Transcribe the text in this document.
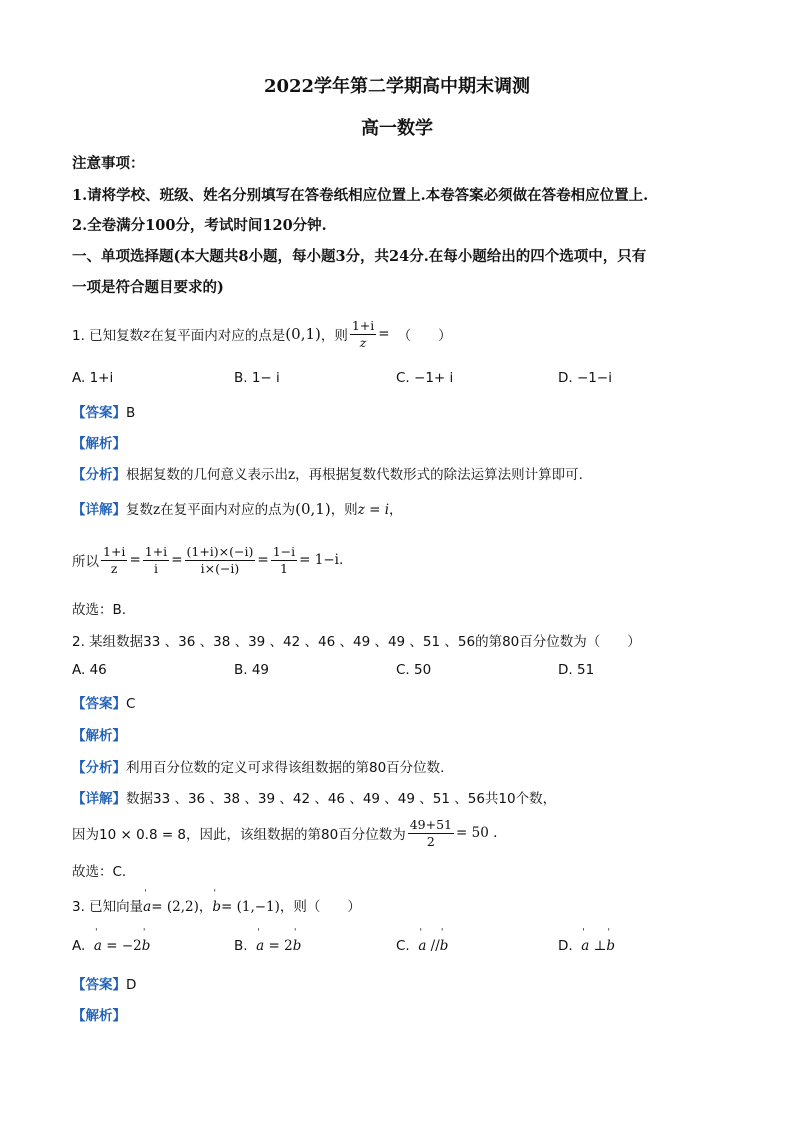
2022学年第二学期高中期末调测
高一数学
注意事项：
1.请将学校、班级、姓名分别填写在答卷纸相应位置上.本卷答案必须做在答卷相应位置上.
2.全卷满分100分，考试时间120分钟.
一、单项选择题(本大题共8小题，每小题3分，共24分.在每小题给出的四个选项中，只有
一项是符合题目要求的)
1. 已知复数 z 在复平面内对应的点是 (0,1) ，则 $\frac{1+i}{z}$ = （　　）
A. 1+i	B. 1− i	C. −1+ i	D. −1−i
【答案】B
【解析】
【分析】根据复数的几何意义表示出z，再根据复数代数形式的除法运算法则计算即可.
【详解】复数z在复平面内对应的点为(0,1)，则z = i，
所以 $\frac{1+i}{z} = \frac{1+i}{i} = \frac{(1+i)\times(-i)}{i\times(-i)} = \frac{1-i}{1} = 1-i$ .
故选：B.
2. 某组数据33 、36 、38 、39 、42 、46 、49 、49 、51 、56的第80百分位数为（　　）
A. 46	B. 49	C. 50	D. 51
【答案】C
【解析】
【分析】利用百分位数的定义可求得该组数据的第80百分位数.
【详解】数据33 、36 、38 、39 、42 、46 、49 、49 、51 、56共10个数，
因为10 × 0.8 = 8，因此，该组数据的第80百分位数为 $\frac{49+51}{2} = 50$ .
故选：C.
3. 已知向量ˈ a= (2,2)，ˈ b= (1,−1)，则（　　）
A. ˈ a = −2ˈ b	B. ˈ a = 2ˈ b	C. ˈ a //ˈ b	D. ˈ a ⊥ˈ b
【答案】D
【解析】
